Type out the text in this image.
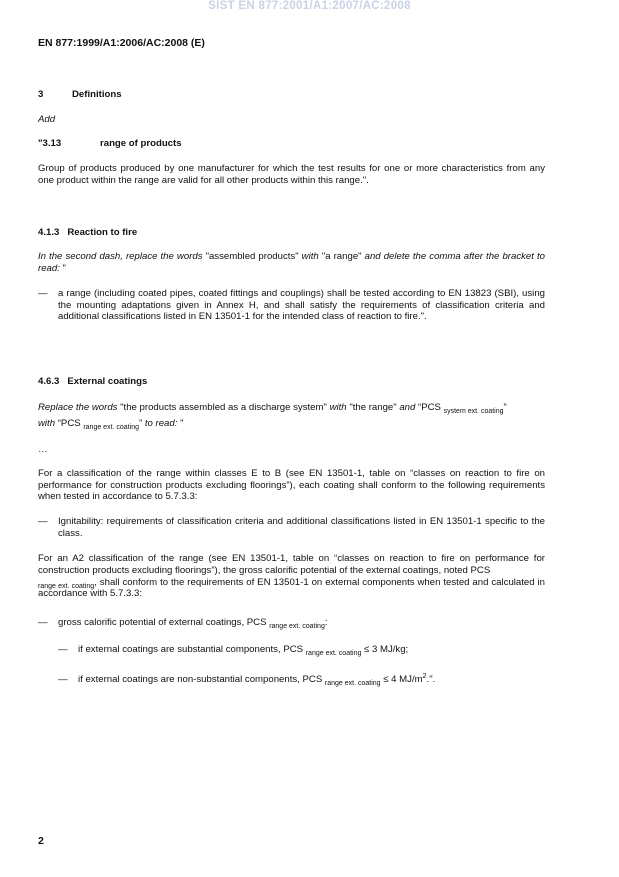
SIST EN 877:2001/A1:2007/AC:2008
EN 877:1999/A1:2006/AC:2008 (E)
3	Definitions
Add
"3.13	range of products
Group of products produced by one manufacturer for which the test results for one or more characteristics from any one product within the range are valid for all other products within this range.".
4.1.3   Reaction to fire
In the second dash, replace the words "assembled products" with "a range" and delete the comma after the bracket to read: "
— a range (including coated pipes, coated fittings and couplings) shall be tested according to EN 13823 (SBI), using the mounting adaptations given in Annex H, and shall satisfy the requirements of classification criteria and additional classifications listed in EN 13501-1 for the intended class of reaction to fire.".
4.6.3   External coatings
Replace the words "the products assembled as a discharge system" with "the range" and “PCS $_{system ext. coating}$”
with “PCS $_{range ext. coating}$” to read: "
…
For a classification of the range within classes E to B (see EN 13501-1, table on “classes on reaction to fire on performance for construction products excluding floorings”), each coating shall conform to the following requirements when tested in accordance to 5.7.3.3:
— Ignitability: requirements of classification criteria and additional classifications listed in EN 13501-1 specific to the class.
For an A2 classification of the range (see EN 13501-1, table on “classes on reaction to fire on performance for construction products excluding floorings”), the gross calorific potential of the external coatings, noted PCS
$_{range ext. coating}$, shall conform to the requirements of EN 13501-1 on external components when tested and calculated in accordance with 5.7.3.3:
— gross calorific potential of external coatings, PCS $_{range ext. coating}$:
— if external coatings are substantial components, PCS $_{range ext. coating}$ ≤ 3 MJ/kg;
— if external coatings are non-substantial components, PCS $_{range ext. coating}$ ≤ 4 $MJ/m^2$.".
2
